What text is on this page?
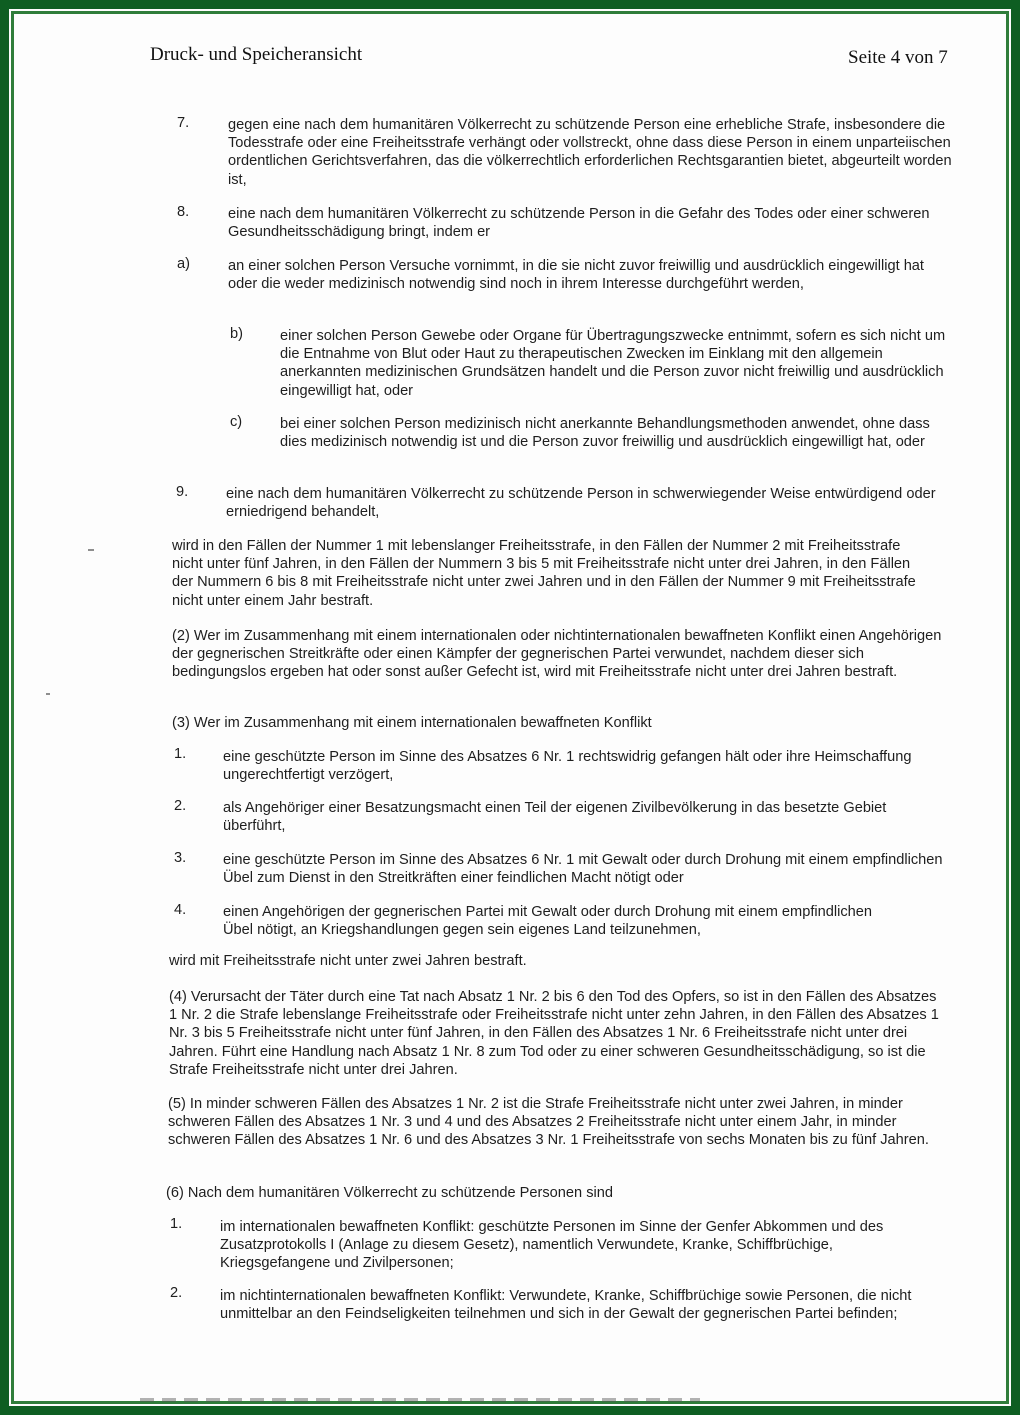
Druck- und Speicheransicht	Seite 4 von 7
7.	gegen eine nach dem humanitären Völkerrecht zu schützende Person eine erhebliche Strafe, insbesondere die Todesstrafe oder eine Freiheitsstrafe verhängt oder vollstreckt, ohne dass diese Person in einem unparteiischen ordentlichen Gerichtsverfahren, das die völkerrechtlich erforderlichen Rechtsgarantien bietet, abgeurteilt worden ist,
8.	eine nach dem humanitären Völkerrecht zu schützende Person in die Gefahr des Todes oder einer schweren Gesundheitsschädigung bringt, indem er
a)	an einer solchen Person Versuche vornimmt, in die sie nicht zuvor freiwillig und ausdrücklich eingewilligt hat oder die weder medizinisch notwendig sind noch in ihrem Interesse durchgeführt werden,
b)	einer solchen Person Gewebe oder Organe für Übertragungszwecke entnimmt, sofern es sich nicht um die Entnahme von Blut oder Haut zu therapeutischen Zwecken im Einklang mit den allgemein anerkannten medizinischen Grundsätzen handelt und die Person zuvor nicht freiwillig und ausdrücklich eingewilligt hat, oder
c)	bei einer solchen Person medizinisch nicht anerkannte Behandlungsmethoden anwendet, ohne dass dies medizinisch notwendig ist und die Person zuvor freiwillig und ausdrücklich eingewilligt hat, oder
9.	eine nach dem humanitären Völkerrecht zu schützende Person in schwerwiegender Weise entwürdigend oder erniedrigend behandelt,
wird in den Fällen der Nummer 1 mit lebenslanger Freiheitsstrafe, in den Fällen der Nummer 2 mit Freiheitsstrafe nicht unter fünf Jahren, in den Fällen der Nummern 3 bis 5 mit Freiheitsstrafe nicht unter drei Jahren, in den Fällen der Nummern 6 bis 8 mit Freiheitsstrafe nicht unter zwei Jahren und in den Fällen der Nummer 9 mit Freiheitsstrafe nicht unter einem Jahr bestraft.
(2) Wer im Zusammenhang mit einem internationalen oder nichtinternationalen bewaffneten Konflikt einen Angehörigen der gegnerischen Streitkräfte oder einen Kämpfer der gegnerischen Partei verwundet, nachdem dieser sich bedingungslos ergeben hat oder sonst außer Gefecht ist, wird mit Freiheitsstrafe nicht unter drei Jahren bestraft.
(3) Wer im Zusammenhang mit einem internationalen bewaffneten Konflikt
1.	eine geschützte Person im Sinne des Absatzes 6 Nr. 1 rechtswidrig gefangen hält oder ihre Heimschaffung ungerechtfertigt verzögert,
2.	als Angehöriger einer Besatzungsmacht einen Teil der eigenen Zivilbevölkerung in das besetzte Gebiet überführt,
3.	eine geschützte Person im Sinne des Absatzes 6 Nr. 1 mit Gewalt oder durch Drohung mit einem empfindlichen Übel zum Dienst in den Streitkräften einer feindlichen Macht nötigt oder
4.	einen Angehörigen der gegnerischen Partei mit Gewalt oder durch Drohung mit einem empfindlichen Übel nötigt, an Kriegshandlungen gegen sein eigenes Land teilzunehmen,
wird mit Freiheitsstrafe nicht unter zwei Jahren bestraft.
(4) Verursacht der Täter durch eine Tat nach Absatz 1 Nr. 2 bis 6 den Tod des Opfers, so ist in den Fällen des Absatzes 1 Nr. 2 die Strafe lebenslange Freiheitsstrafe oder Freiheitsstrafe nicht unter zehn Jahren, in den Fällen des Absatzes 1 Nr. 3 bis 5 Freiheitsstrafe nicht unter fünf Jahren, in den Fällen des Absatzes 1 Nr. 6 Freiheitsstrafe nicht unter drei Jahren. Führt eine Handlung nach Absatz 1 Nr. 8 zum Tod oder zu einer schweren Gesundheitsschädigung, so ist die Strafe Freiheitsstrafe nicht unter drei Jahren.
(5) In minder schweren Fällen des Absatzes 1 Nr. 2 ist die Strafe Freiheitsstrafe nicht unter zwei Jahren, in minder schweren Fällen des Absatzes 1 Nr. 3 und 4 und des Absatzes 2 Freiheitsstrafe nicht unter einem Jahr, in minder schweren Fällen des Absatzes 1 Nr. 6 und des Absatzes 3 Nr. 1 Freiheitsstrafe von sechs Monaten bis zu fünf Jahren.
(6) Nach dem humanitären Völkerrecht zu schützende Personen sind
1.	im internationalen bewaffneten Konflikt: geschützte Personen im Sinne der Genfer Abkommen und des Zusatzprotokolls I (Anlage zu diesem Gesetz), namentlich Verwundete, Kranke, Schiffbrüchige, Kriegsgefangene und Zivilpersonen;
2.	im nichtinternationalen bewaffneten Konflikt: Verwundete, Kranke, Schiffbrüchige sowie Personen, die nicht unmittelbar an den Feindseligkeiten teilnehmen und sich in der Gewalt der gegnerischen Partei befinden;
